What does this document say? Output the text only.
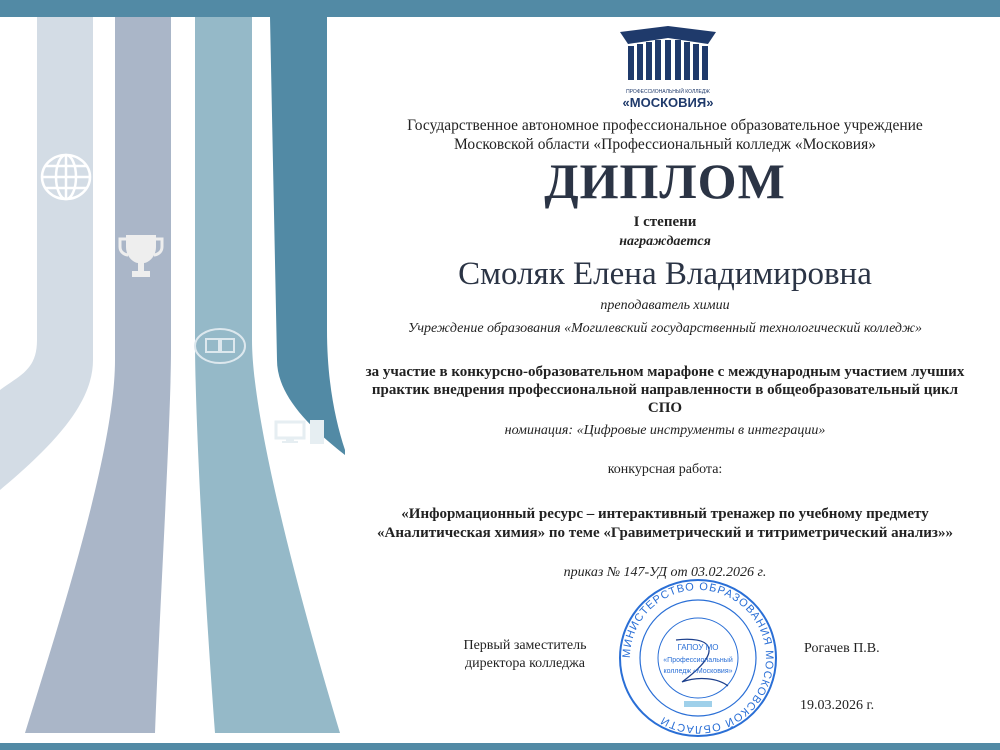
ПРОФЕССИОНАЛЬНЫЙ КОЛЛЕДЖ
«МОСКОВИЯ»
Государственное автономное профессиональное образовательное учреждение
Московской области «Профессиональный колледж «Московия»
ДИПЛОМ
I степени
награждается
Смоляк Елена Владимировна
преподаватель химии
Учреждение образования «Могилевский государственный технологический колледж»
за участие в конкурсно-образовательном марафоне с международным участием лучших
практик внедрения профессиональной направленности в общеобразовательный цикл
СПО
номинация: «Цифровые инструменты в интеграции»
конкурсная работа:
«Информационный ресурс – интерактивный тренажер по учебному предмету
«Аналитическая химия» по теме «Гравиметрический и титриметрический анализ»»
приказ № 147-УД от 03.02.2026 г.
Первый заместитель
директора колледжа
Рогачев П.В.
19.03.2026 г.
МИНИСТЕРСТВО ОБРАЗОВАНИЯ МОСКОВСКОЙ ОБЛАСТИ
ГАПОУ МО
«Профессиональный
колледж «Московия»
